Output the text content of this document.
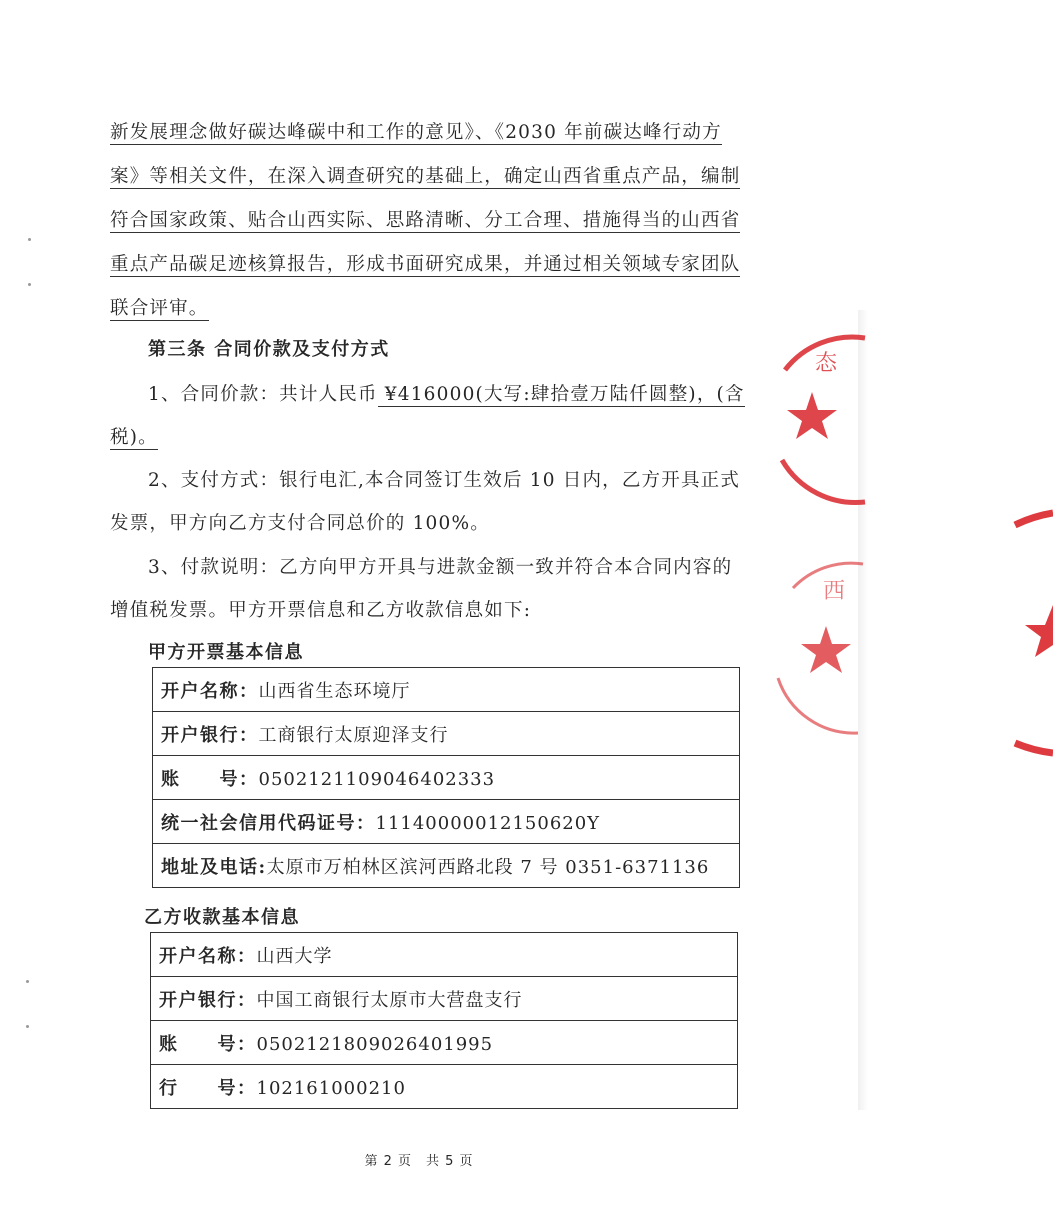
新发展理念做好碳达峰碳中和工作的意见》、《2030 年前碳达峰行动方
案》等相关文件，在深入调查研究的基础上，确定山西省重点产品，编制
符合国家政策、贴合山西实际、思路清晰、分工合理、措施得当的山西省
重点产品碳足迹核算报告，形成书面研究成果，并通过相关领域专家团队
联合评审。
第三条 合同价款及支付方式
1、合同价款：共计人民币 ¥416000(大写:肆拾壹万陆仟圆整)，(含
税)。
2、支付方式：银行电汇,本合同签订生效后 10 日内，乙方开具正式
发票，甲方向乙方支付合同总价的 100%。
3、付款说明：乙方向甲方开具与进款金额一致并符合本合同内容的
增值税发票。甲方开票信息和乙方收款信息如下:
甲方开票基本信息
开户名称：山西省生态环境厅
开户银行：工商银行太原迎泽支行
账　　号：0502121109046402333
统一社会信用代码证号：11140000012150620Y
地址及电话:太原市万柏林区滨河西路北段 7 号 0351-6371136
乙方收款基本信息
开户名称：山西大学
开户银行：中国工商银行太原市大营盘支行
账　　号：0502121809026401995
行　　号：102161000210
态
西
第 2 页　共 5 页
